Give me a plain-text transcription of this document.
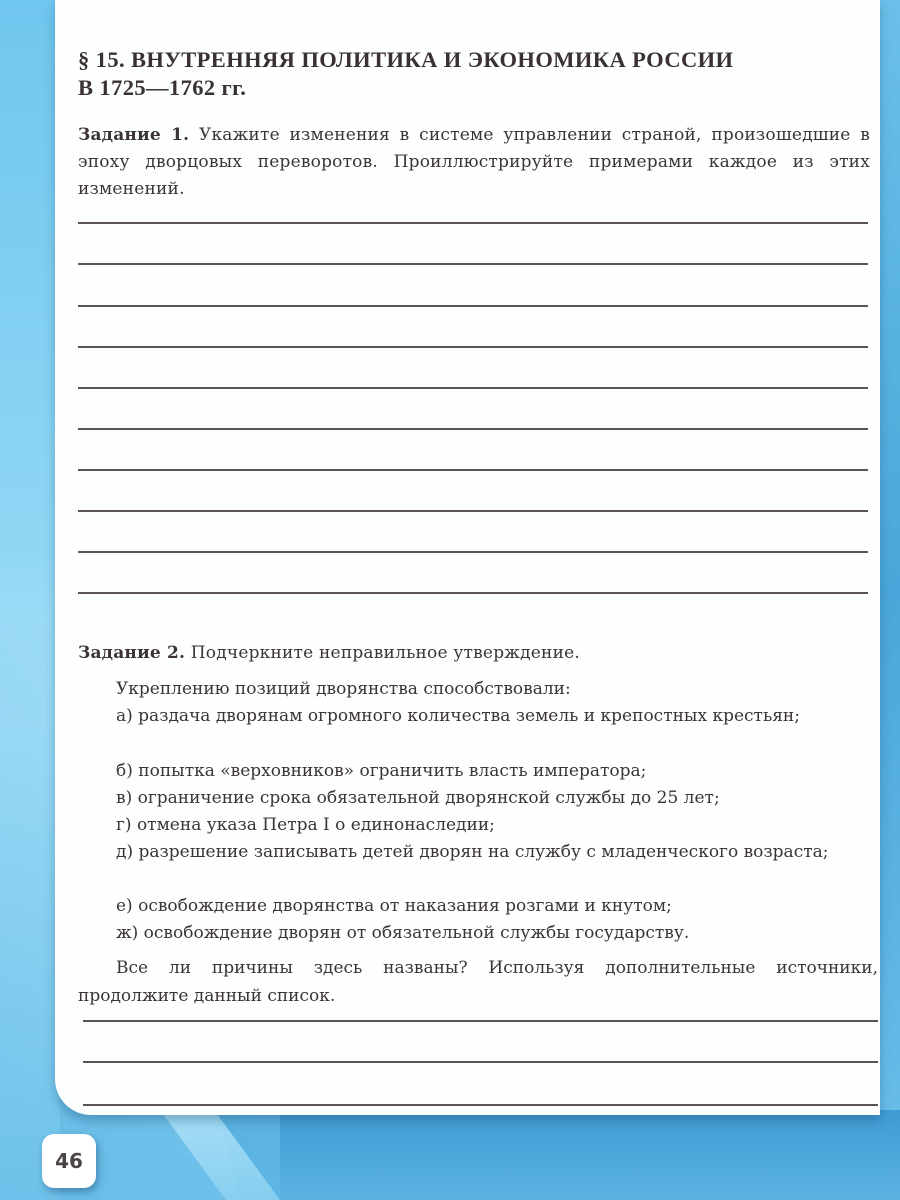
§ 15. ВНУТРЕННЯЯ ПОЛИТИКА И ЭКОНОМИКА РОССИИ
В 1725—1762 гг.
Задание 1. Укажите изменения в системе управлении страной, произошедшие в эпоху дворцовых переворотов. Проиллюстрируйте примерами каждое из этих изменений.
Задание 2. Подчеркните неправильное утверждение.
Укреплению позиций дворянства способствовали:
а) раздача дворянам огромного количества земель и крепостных крестьян;
б) попытка «верховников» ограничить власть императора;
в) ограничение срока обязательной дворянской службы до 25 лет;
г) отмена указа Петра I о единонаследии;
д) разрешение записывать детей дворян на службу с младенческого возраста;
е) освобождение дворянства от наказания розгами и кнутом;
ж) освобождение дворян от обязательной службы государству.
Все ли причины здесь названы? Используя дополнительные источники, продолжите данный список.
46
